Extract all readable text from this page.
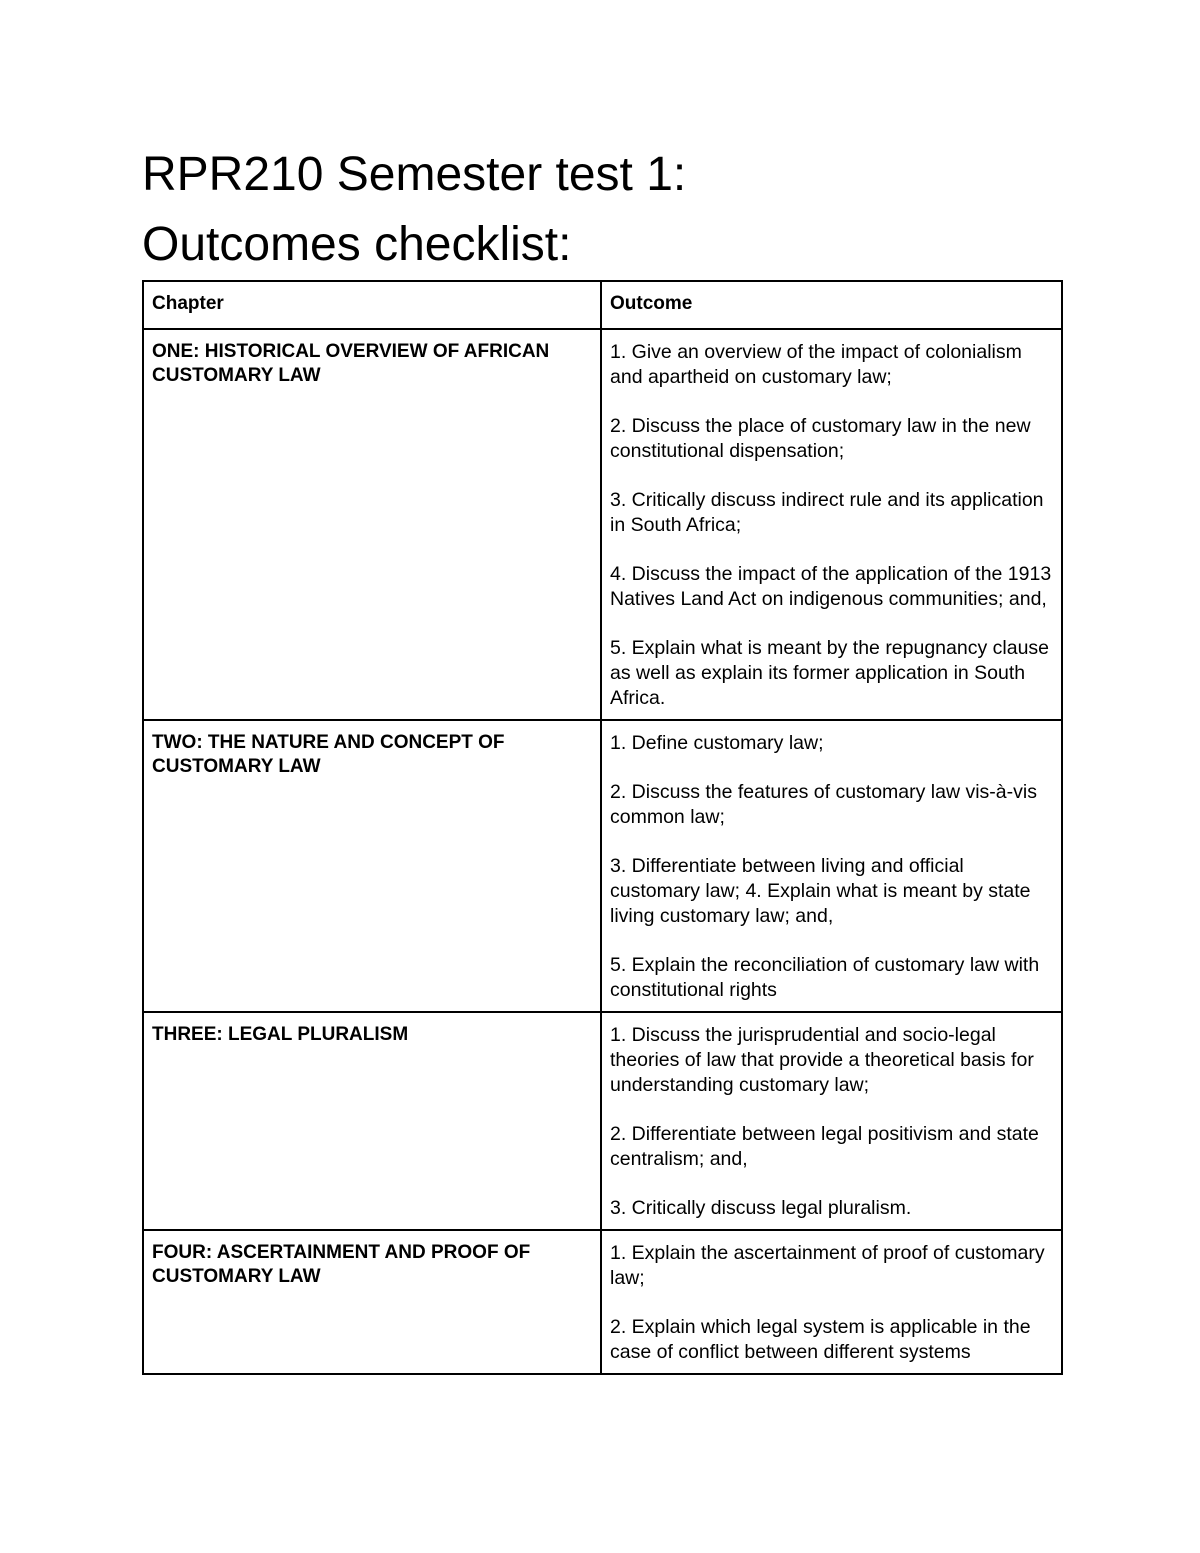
RPR210 Semester test 1:
Outcomes checklist:
Chapter	Outcome
ONE: HISTORICAL OVERVIEW OF AFRICAN CUSTOMARY LAW	1. Give an overview of the impact of colonialism and apartheid on customary law;

2. Discuss the place of customary law in the new constitutional dispensation;

3. Critically discuss indirect rule and its application in South Africa;

4. Discuss the impact of the application of the 1913 Natives Land Act on indigenous communities; and,

5. Explain what is meant by the repugnancy clause as well as explain its former application in South Africa.

TWO: THE NATURE AND CONCEPT OF CUSTOMARY LAW	1. Define customary law;

2. Discuss the features of customary law vis-à-vis common law;

3. Differentiate between living and official customary law; 4. Explain what is meant by state living customary law; and,

5. Explain the reconciliation of customary law with constitutional rights

THREE: LEGAL PLURALISM	1. Discuss the jurisprudential and socio-legal theories of law that provide a theoretical basis for understanding customary law;

2. Differentiate between legal positivism and state centralism; and,

3. Critically discuss legal pluralism.

FOUR: ASCERTAINMENT AND PROOF OF CUSTOMARY LAW	1. Explain the ascertainment of proof of customary law;

2. Explain which legal system is applicable in the case of conflict between different systems
